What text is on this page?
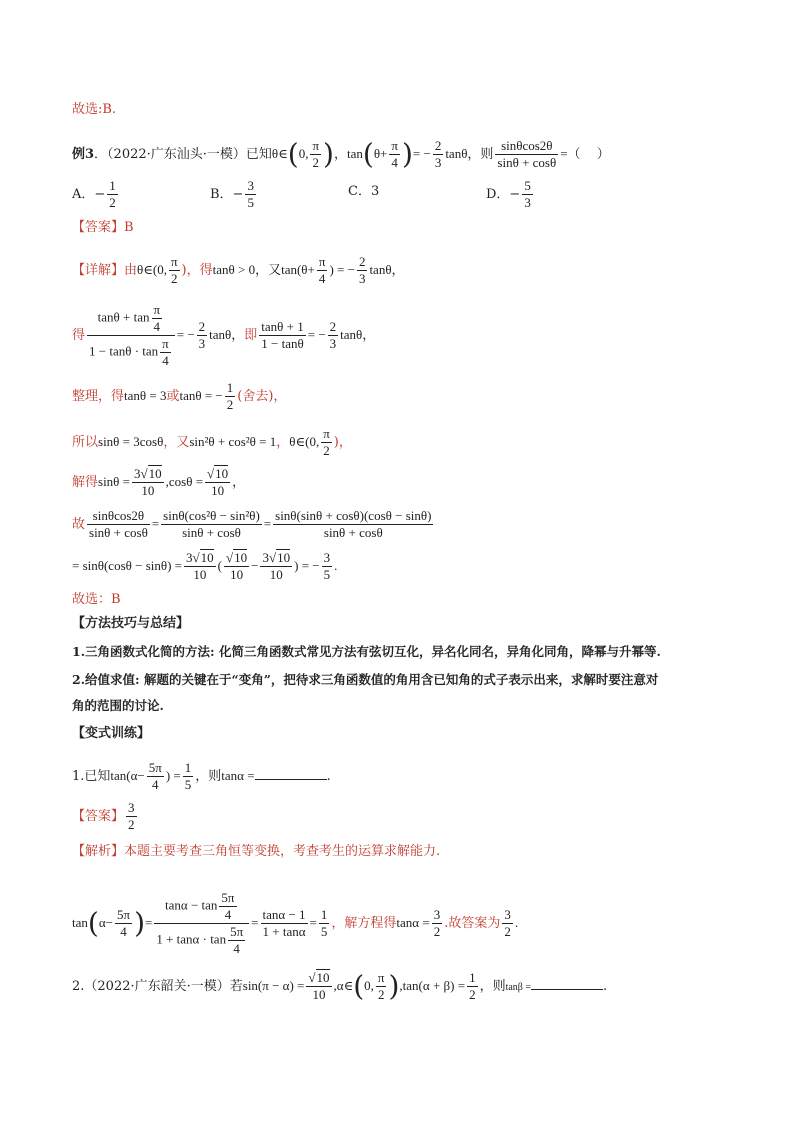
故选:B.
例3．（2022·广东汕头·一模）已知θ∈(0, $\frac{\pi}{2}$ )，$\tan(\theta+ \frac{\pi}{4}$ )= − $\frac{2}{3}$ tanθ，则 $\frac{\sin\theta\cos 2\theta}{\sin\theta + \cos\theta}$ =（　 ）
A．− $\frac{1}{2}$	B．− $\frac{3}{5}$	C．3	D．− $\frac{5}{3}$
【答案】B
【详解】由θ∈(0, $\frac{\pi}{2}$ )，得tanθ > 0，又$\tan(\theta+ \frac{\pi}{4}$ ) = − $\frac{2}{3}$ tanθ，
得 $\frac{\tan\theta + \tan \frac{\pi}{4}}{1 - \tan\theta \cdot \tan \frac{\pi}{4}}$ = − $\frac{2}{3}$ tanθ，即 $\frac{\tan\theta + 1}{1 - \tan\theta}$ = − $\frac{2}{3}$ tanθ，
整理，得tanθ = 3或tanθ = − $\frac{1}{2}$ (舍去)，
所以sinθ = 3cosθ，又sin²θ + cos²θ = 1，θ∈(0, $\frac{\pi}{2}$ )，
解得$\sin\theta = \frac{3√10}{10} ,\cos\theta = \frac{√10}{10}$ ，
故 $\frac{\sin\theta\cos 2\theta}{\sin\theta + \cos\theta} = \frac{\text{sinθ(cos²θ − sin²θ)}}{\sin\theta + \cos\theta} = \frac{\sin\theta(\sin\theta + \cos\theta)(\cos\theta - \sin\theta)}{\sin\theta + \cos\theta}$
= $\sin\theta(\cos\theta - \sin\theta) = \frac{3√10}{10}$ ( $\frac{√10}{10} - \frac{3√10}{10}$ ) = − $\frac{3}{5}$ .
故选：B
【方法技巧与总结】
1.三角函数式化简的方法: 化简三角函数式常见方法有弦切互化，异名化同名，异角化同角，降幂与升幂等.
2.给值求值: 解题的关键在于“变角”，把待求三角函数值的角用含已知角的式子表示出来，求解时要注意对
角的范围的讨论.
【变式训练】
1.已知$\tan(\alpha- \frac{5\pi}{4}$ ) = $\frac{1}{5}$ ，则tanα =	.
【答案】 $\frac{3}{2}$
【解析】本题主要考查三角恒等变换，考查考生的运算求解能力.
$\tan(\alpha- \frac{5\pi}{4}$ )= $\frac{\tan\alpha - \tan \frac{5\pi}{4}}{1 + \tan\alpha \cdot \tan \frac{5\pi}{4}} = \frac{\tan\alpha - 1}{1 + \tan\alpha} = \frac{1}{5}$ ，解方程得$\tan\alpha = \frac{3}{2}$ .故答案为 $\frac{3}{2}$ .
2.（2022·广东韶关·一模）若$\sin(\pi - \alpha) = \frac{√10}{10}$ ,α∈(0, $\frac{\pi}{2} ),\tan(\alpha + \beta) = \frac{1}{2}$ ，则tanβ =	.
